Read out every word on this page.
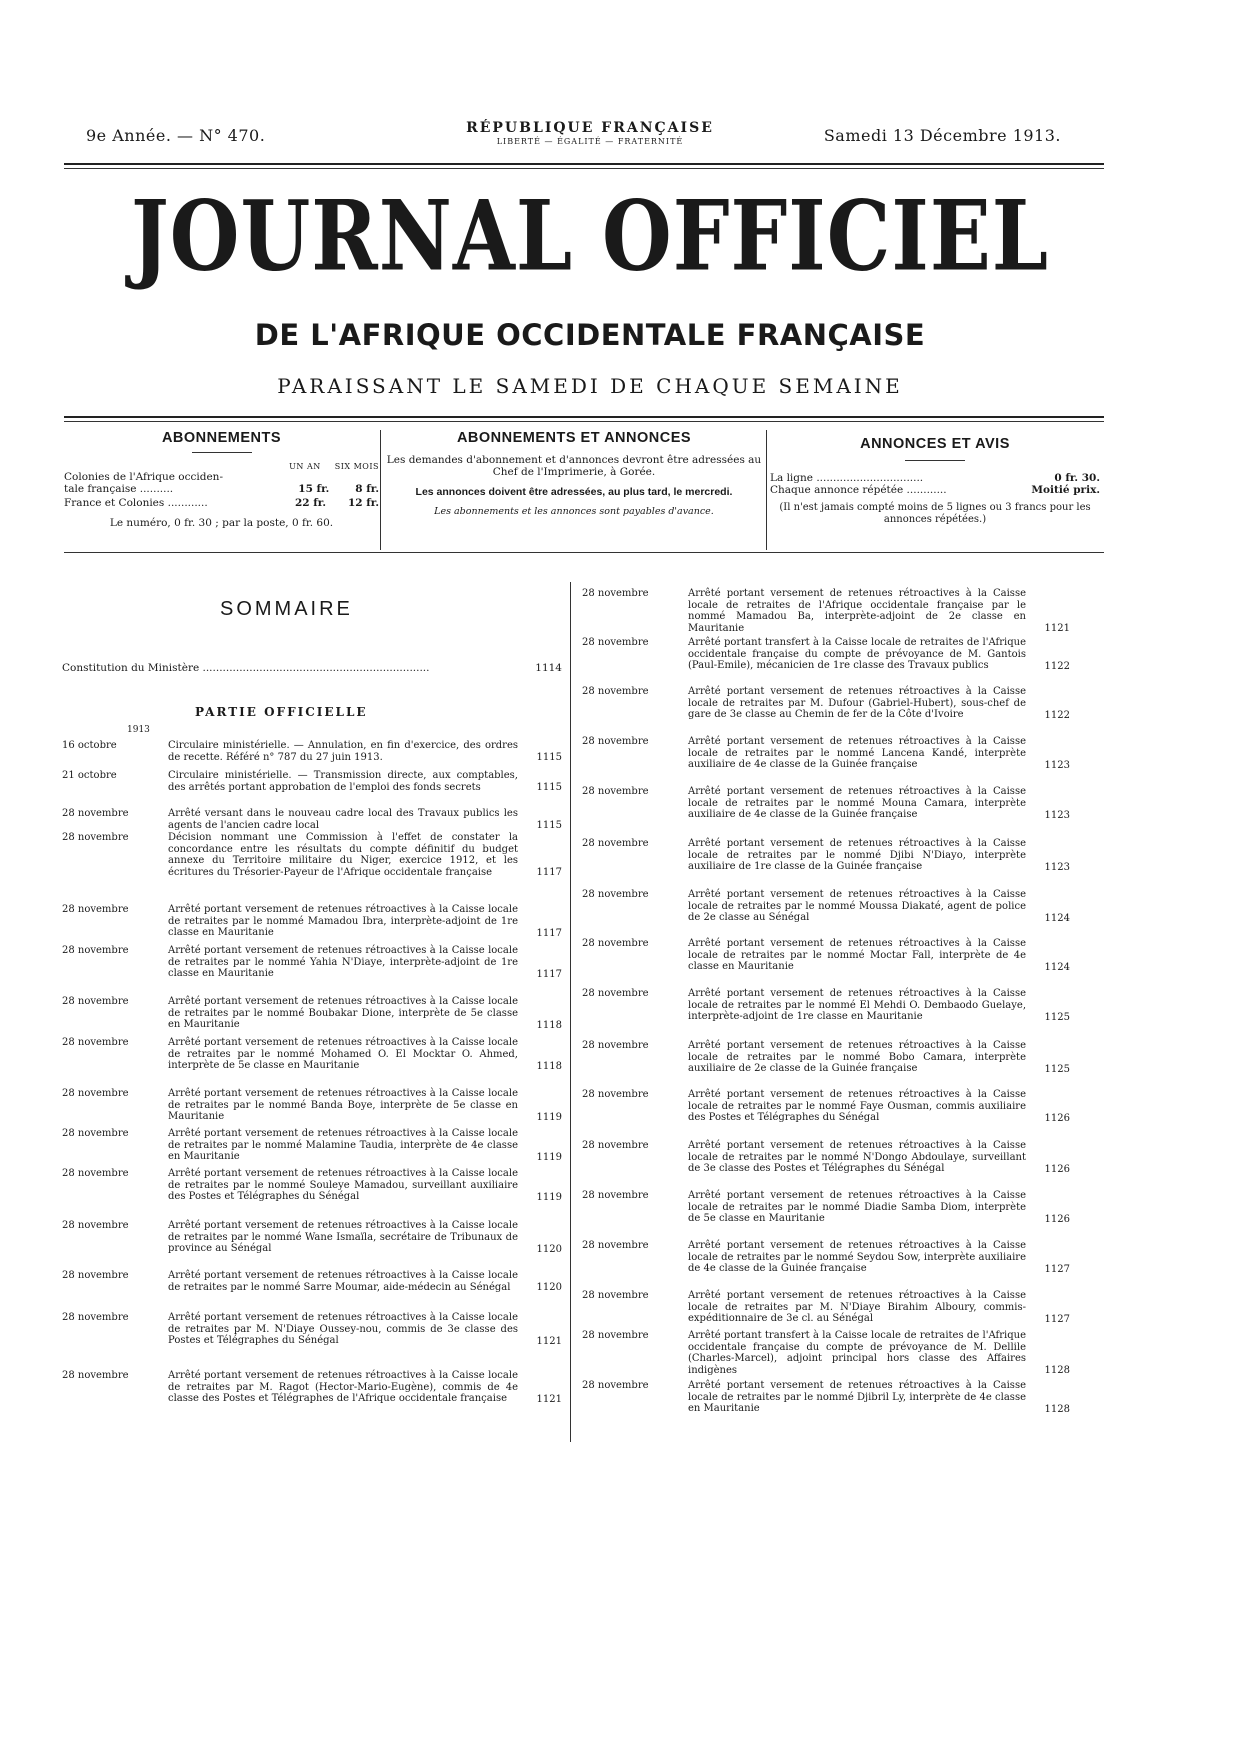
9e Année. — N° 470.	RÉPUBLIQUE FRANÇAISE
LIBERTÉ — ÉGALITÉ — FRATERNITÉ	Samedi 13 Décembre 1913.
JOURNAL OFFICIEL
DE L'AFRIQUE OCCIDENTALE FRANÇAISE
PARAISSANT LE SAMEDI DE CHAQUE SEMAINE
ABONNEMENTS
UN AN SIX MOIS
Colonies de l'Afrique occiden-
tale française ..........	15 fr. 8 fr.
France et Colonies ............	22 fr. 12 fr.
Le numéro, 0 fr. 30 ; par la poste, 0 fr. 60.
ABONNEMENTS ET ANNONCES
Les demandes d'abonnement et d'annonces devront être adressées au Chef de l'Imprimerie, à Gorée.
Les annonces doivent être adressées, au plus tard, le mercredi.
Les abonnements et les annonces sont payables d'avance.
ANNONCES ET AVIS
La ligne ................................	0 fr. 30.
Chaque annonce répétée ............	Moitié prix.
(Il n'est jamais compté moins de 5 lignes ou 3 francs pour les annonces répétées.)
SOMMAIRE
Constitution du Ministère ....................................................................	1114
PARTIE OFFICIELLE
1913
16 octobre	Circulaire ministérielle. — Annulation, en fin d'exercice, des ordres de recette. Référé n° 787 du 27 juin 1913.	1115
21 octobre	Circulaire ministérielle. — Transmission directe, aux comptables, des arrêtés portant approbation de l'emploi des fonds secrets	1115
28 novembre	Arrêté versant dans le nouveau cadre local des Travaux publics les agents de l'ancien cadre local	1115
28 novembre	Décision nommant une Commission à l'effet de constater la concordance entre les résultats du compte définitif du budget annexe du Territoire militaire du Niger, exercice 1912, et les écritures du Trésorier-Payeur de l'Afrique occidentale française	1117
28 novembre	Arrêté portant versement de retenues rétroactives à la Caisse locale de retraites par le nommé Mamadou Ibra, interprète-adjoint de 1re classe en Mauritanie	1117
28 novembre	Arrêté portant versement de retenues rétroactives à la Caisse locale de retraites par le nommé Yahia N'Diaye, interprète-adjoint de 1re classe en Mauritanie	1117
28 novembre	Arrêté portant versement de retenues rétroactives à la Caisse locale de retraites par le nommé Boubakar Dione, interprète de 5e classe en Mauritanie	1118
28 novembre	Arrêté portant versement de retenues rétroactives à la Caisse locale de retraites par le nommé Mohamed O. El Mocktar O. Ahmed, interprète de 5e classe en Mauritanie	1118
28 novembre	Arrêté portant versement de retenues rétroactives à la Caisse locale de retraites par le nommé Banda Boye, interprète de 5e classe en Mauritanie	1119
28 novembre	Arrêté portant versement de retenues rétroactives à la Caisse locale de retraites par le nommé Malamine Taudia, interprète de 4e classe en Mauritanie	1119
28 novembre	Arrêté portant versement de retenues rétroactives à la Caisse locale de retraites par le nommé Souleye Mamadou, surveillant auxiliaire des Postes et Télégraphes du Sénégal	1119
28 novembre	Arrêté portant versement de retenues rétroactives à la Caisse locale de retraites par le nommé Wane Ismaïla, secrétaire de Tribunaux de province au Sénégal	1120
28 novembre	Arrêté portant versement de retenues rétroactives à la Caisse locale de retraites par le nommé Sarre Moumar, aide-médecin au Sénégal	1120
28 novembre	Arrêté portant versement de retenues rétroactives à la Caisse locale de retraites par M. N'Diaye Oussey-nou, commis de 3e classe des Postes et Télégraphes du Sénégal	1121
28 novembre	Arrêté portant versement de retenues rétroactives à la Caisse locale de retraites par M. Ragot (Hector-Mario-Eugène), commis de 4e classe des Postes et Télégraphes de l'Afrique occidentale française	1121
28 novembre	Arrêté portant versement de retenues rétroactives à la Caisse locale de retraites de l'Afrique occidentale française par le nommé Mamadou Ba, interprète-adjoint de 2e classe en Mauritanie	1121
28 novembre	Arrêté portant transfert à la Caisse locale de retraites de l'Afrique occidentale française du compte de prévoyance de M. Gantois (Paul-Emile), mécanicien de 1re classe des Travaux publics	1122
28 novembre	Arrêté portant versement de retenues rétroactives à la Caisse locale de retraites par M. Dufour (Gabriel-Hubert), sous-chef de gare de 3e classe au Chemin de fer de la Côte d'Ivoire	1122
28 novembre	Arrêté portant versement de retenues rétroactives à la Caisse locale de retraites par le nommé Lancena Kandé, interprète auxiliaire de 4e classe de la Guinée française	1123
28 novembre	Arrêté portant versement de retenues rétroactives à la Caisse locale de retraites par le nommé Mouna Camara, interprète auxiliaire de 4e classe de la Guinée française	1123
28 novembre	Arrêté portant versement de retenues rétroactives à la Caisse locale de retraites par le nommé Djibi N'Diayo, interprète auxiliaire de 1re classe de la Guinée française	1123
28 novembre	Arrêté portant versement de retenues rétroactives à la Caisse locale de retraites par le nommé Moussa Diakaté, agent de police de 2e classe au Sénégal	1124
28 novembre	Arrêté portant versement de retenues rétroactives à la Caisse locale de retraites par le nommé Moctar Fall, interprète de 4e classe en Mauritanie	1124
28 novembre	Arrêté portant versement de retenues rétroactives à la Caisse locale de retraites par le nommé El Mehdi O. Dembaodo Guelaye, interprète-adjoint de 1re classe en Mauritanie	1125
28 novembre	Arrêté portant versement de retenues rétroactives à la Caisse locale de retraites par le nommé Bobo Camara, interprète auxiliaire de 2e classe de la Guinée française	1125
28 novembre	Arrêté portant versement de retenues rétroactives à la Caisse locale de retraites par le nommé Faye Ousman, commis auxiliaire des Postes et Télégraphes du Sénégal	1126
28 novembre	Arrêté portant versement de retenues rétroactives à la Caisse locale de retraites par le nommé N'Dongo Abdoulaye, surveillant de 3e classe des Postes et Télégraphes du Sénégal	1126
28 novembre	Arrêté portant versement de retenues rétroactives à la Caisse locale de retraites par le nommé Diadie Samba Diom, interprète de 5e classe en Mauritanie	1126
28 novembre	Arrêté portant versement de retenues rétroactives à la Caisse locale de retraites par le nommé Seydou Sow, interprète auxiliaire de 4e classe de la Guinée française	1127
28 novembre	Arrêté portant versement de retenues rétroactives à la Caisse locale de retraites par M. N'Diaye Birahim Alboury, commis-expéditionnaire de 3e cl. au Sénégal	1127
28 novembre	Arrêté portant transfert à la Caisse locale de retraites de l'Afrique occidentale française du compte de prévoyance de M. Dellile (Charles-Marcel), adjoint principal hors classe des Affaires indigènes	1128
28 novembre	Arrêté portant versement de retenues rétroactives à la Caisse locale de retraites par le nommé Djibril Ly, interprète de 4e classe en Mauritanie	1128
